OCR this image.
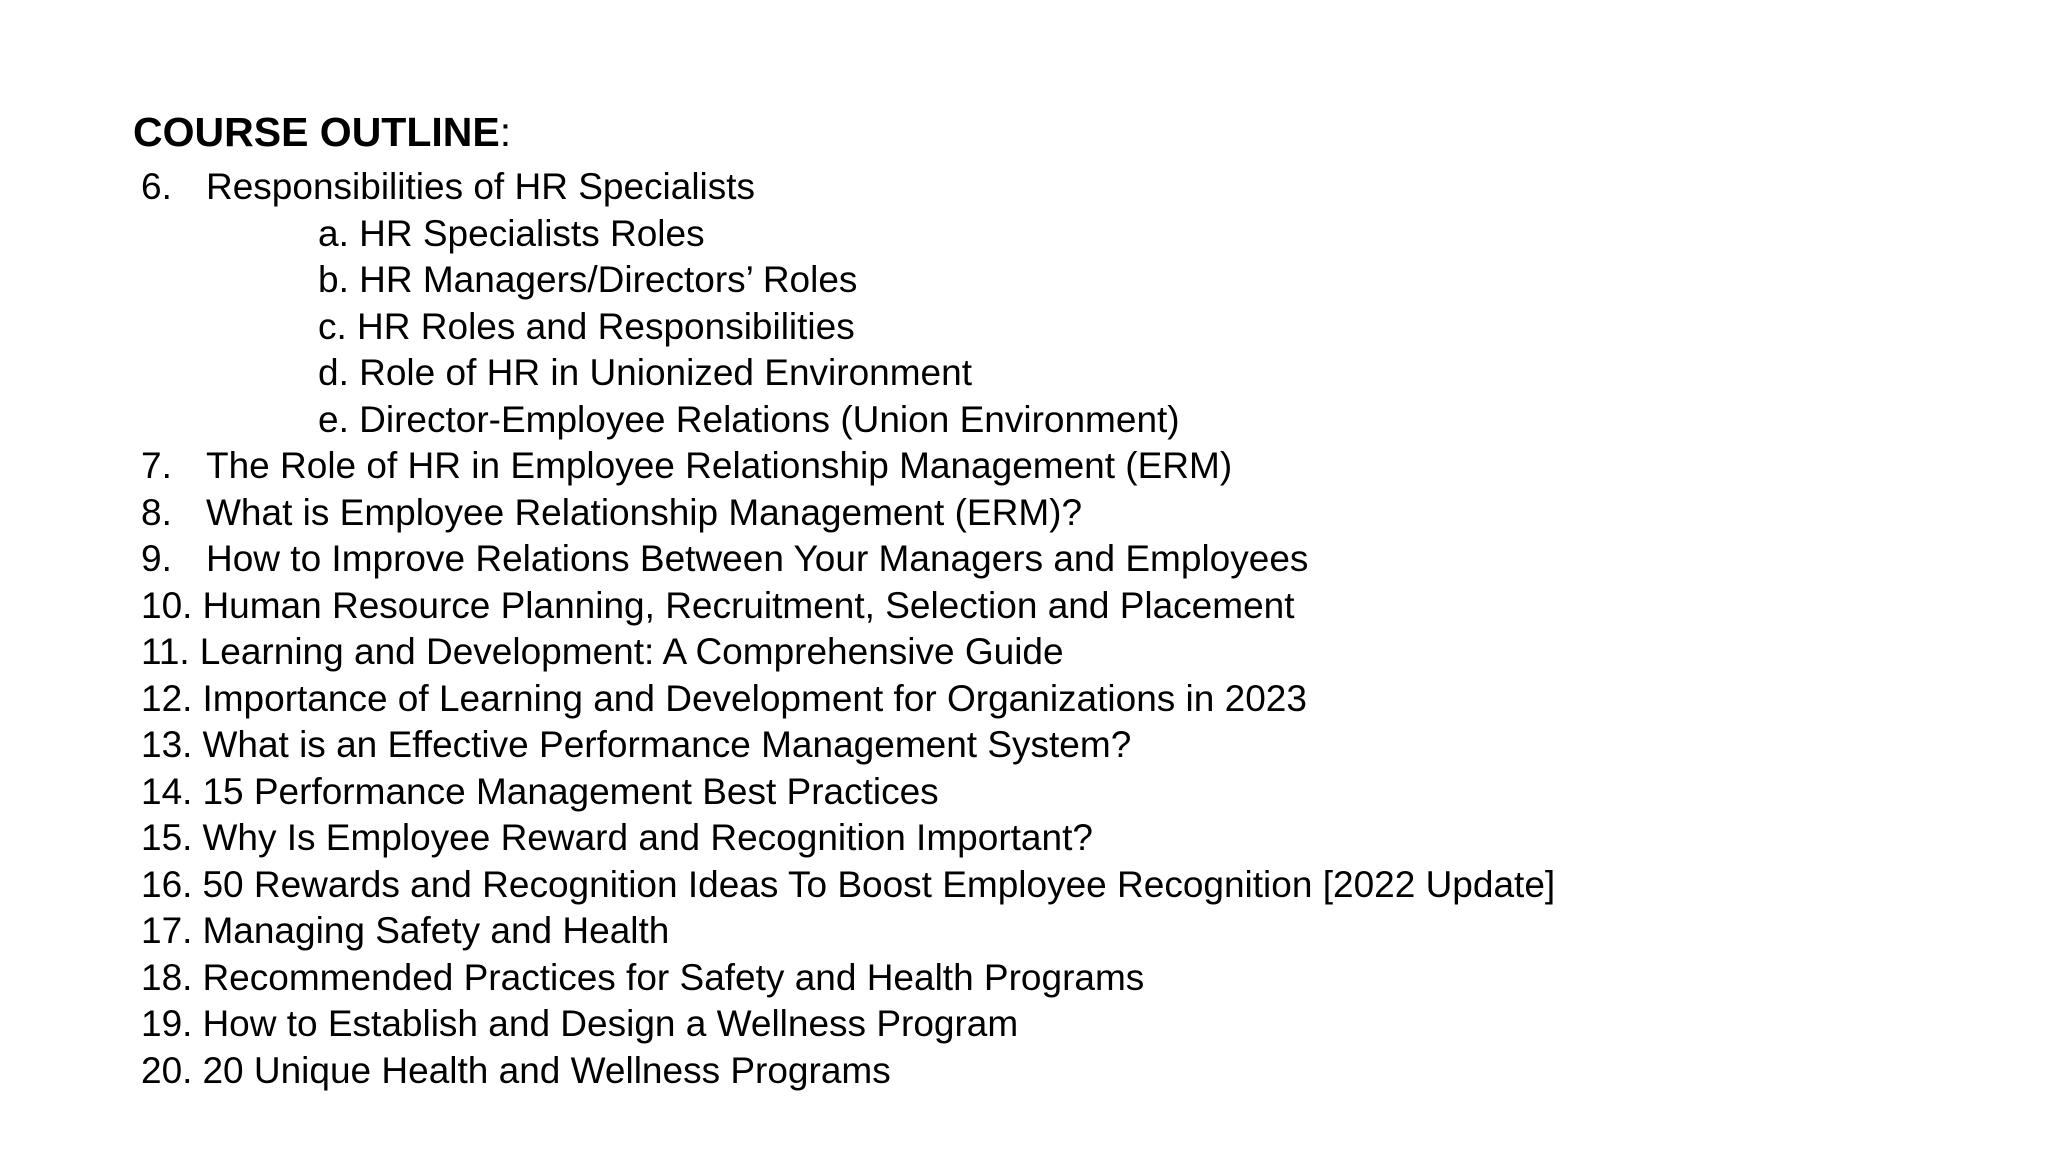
COURSE OUTLINE:
6. Responsibilities of HR Specialists
a. HR Specialists Roles
b. HR Managers/Directors’ Roles
c. HR Roles and Responsibilities
d. Role of HR in Unionized Environment
e. Director-Employee Relations (Union Environment)
7. The Role of HR in Employee Relationship Management (ERM)
8. What is Employee Relationship Management (ERM)?
9. How to Improve Relations Between Your Managers and Employees
10. Human Resource Planning, Recruitment, Selection and Placement
11. Learning and Development: A Comprehensive Guide
12. Importance of Learning and Development for Organizations in 2023
13. What is an Effective Performance Management System?
14. 15 Performance Management Best Practices
15. Why Is Employee Reward and Recognition Important?
16. 50 Rewards and Recognition Ideas To Boost Employee Recognition [2022 Update]
17. Managing Safety and Health
18. Recommended Practices for Safety and Health Programs
19. How to Establish and Design a Wellness Program
20. 20 Unique Health and Wellness Programs
